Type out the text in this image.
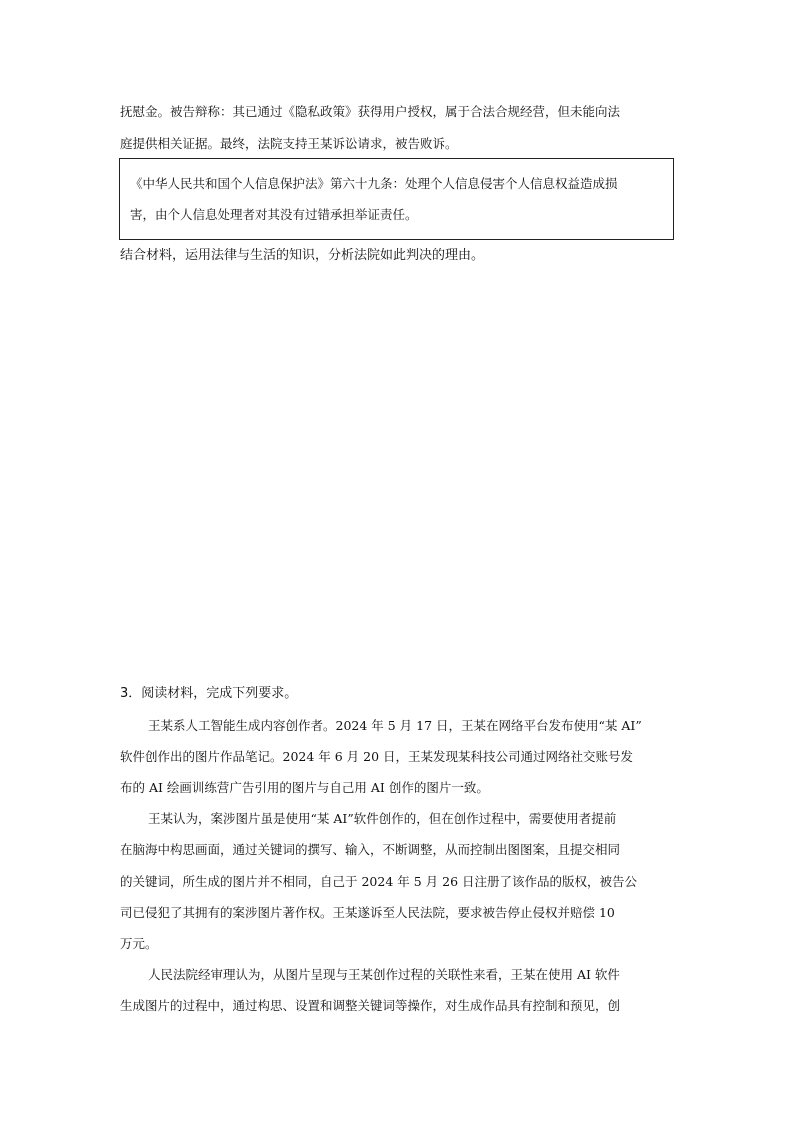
抚慰金。被告辩称：其已通过《隐私政策》获得用户授权，属于合法合规经营，但未能向法
庭提供相关证据。最终，法院支持王某诉讼请求，被告败诉。
《中华人民共和国个人信息保护法》第六十九条：处理个人信息侵害个人信息权益造成损
害，由个人信息处理者对其没有过错承担举证责任。
结合材料，运用法律与生活的知识，分析法院如此判决的理由。
3．阅读材料，完成下列要求。
王某系人工智能生成内容创作者。2024 年 5 月 17 日，王某在网络平台发布使用“某 AI”
软件创作出的图片作品笔记。2024 年 6 月 20 日，王某发现某科技公司通过网络社交账号发
布的 AI 绘画训练营广告引用的图片与自己用 AI 创作的图片一致。
王某认为，案涉图片虽是使用“某 AI”软件创作的，但在创作过程中，需要使用者提前
在脑海中构思画面，通过关键词的撰写、输入，不断调整，从而控制出图图案，且提交相同
的关键词，所生成的图片并不相同，自己于 2024 年 5 月 26 日注册了该作品的版权，被告公
司已侵犯了其拥有的案涉图片著作权。王某遂诉至人民法院，要求被告停止侵权并赔偿 10
万元。
人民法院经审理认为，从图片呈现与王某创作过程的关联性来看，王某在使用 AI 软件
生成图片的过程中，通过构思、设置和调整关键词等操作，对生成作品具有控制和预见，创
